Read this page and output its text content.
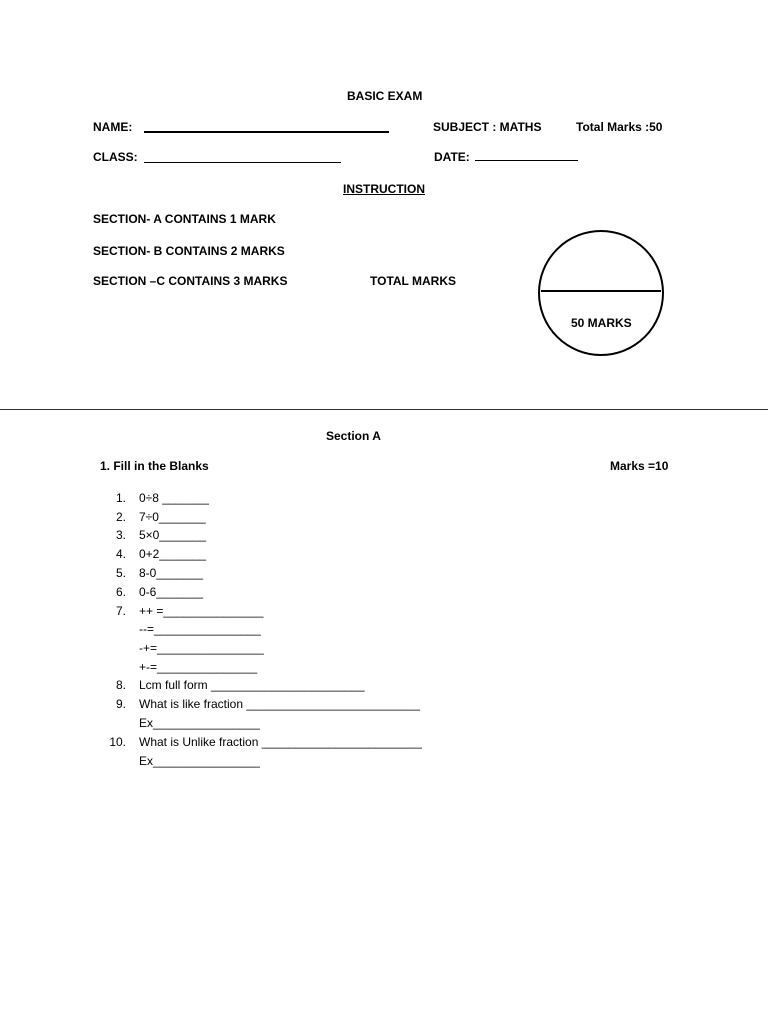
BASIC EXAM
NAME:	SUBJECT : MATHS	Total Marks :50
CLASS:	DATE:
INSTRUCTION
SECTION- A CONTAINS 1 MARK
SECTION- B CONTAINS 2 MARKS
SECTION –C CONTAINS 3 MARKS	TOTAL MARKS
50 MARKS
Section A
1. Fill in the Blanks	Marks =10
1. 0÷8 _______
2. 7÷0_______
3. 5×0_______
4. 0+2_______
5. 8-0_______
6. 0-6_______
7. ++ =_______________
--=________________
-+=________________
+-=_______________
8. Lcm full form _______________________
9. What is like fraction __________________________
Ex________________
10. What is Unlike fraction ________________________
Ex________________
